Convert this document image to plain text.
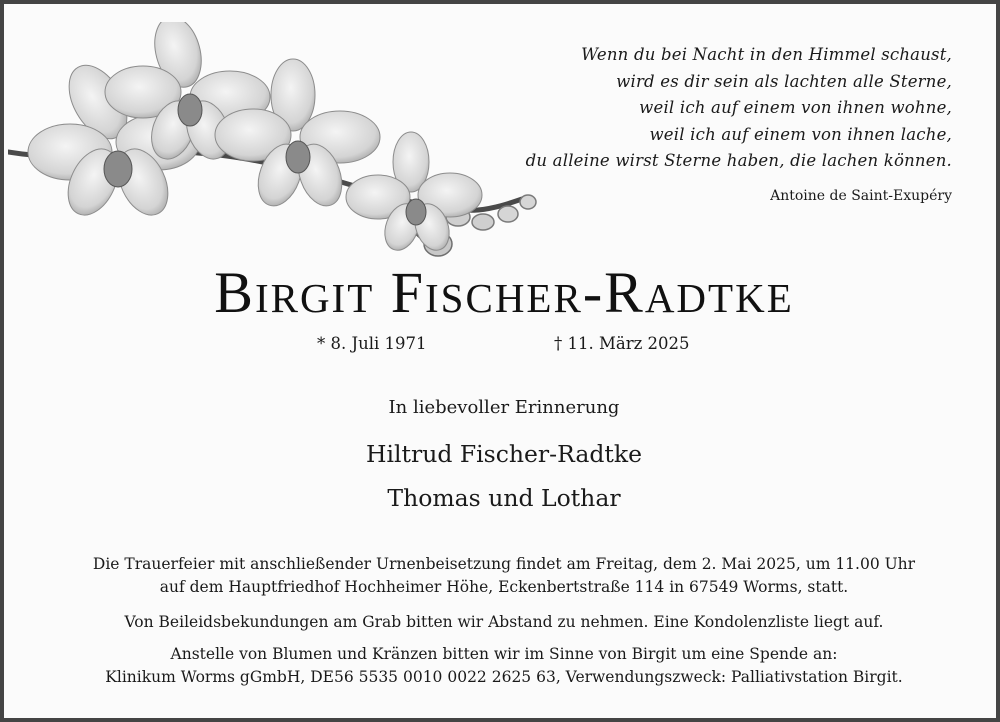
Wenn du bei Nacht in den Himmel schaust,
wird es dir sein als lachten alle Sterne,
weil ich auf einem von ihnen wohne,
weil ich auf einem von ihnen lache,
du alleine wirst Sterne haben, die lachen können.
Antoine de Saint-Exupéry
Birgit Fischer-Radtke
* 8. Juli 1971	† 11. März 2025
In liebevoller Erinnerung
Hiltrud Fischer-Radtke
Thomas und Lothar
Die Trauerfeier mit anschließender Urnenbeisetzung findet am Freitag, dem 2. Mai 2025, um 11.00 Uhr
auf dem Hauptfriedhof Hochheimer Höhe, Eckenbertstraße 114 in 67549 Worms, statt.
Von Beileidsbekundungen am Grab bitten wir Abstand zu nehmen. Eine Kondolenzliste liegt auf.
Anstelle von Blumen und Kränzen bitten wir im Sinne von Birgit um eine Spende an:
Klinikum Worms gGmbH, DE56 5535 0010 0022 2625 63, Verwendungszweck: Palliativstation Birgit.
